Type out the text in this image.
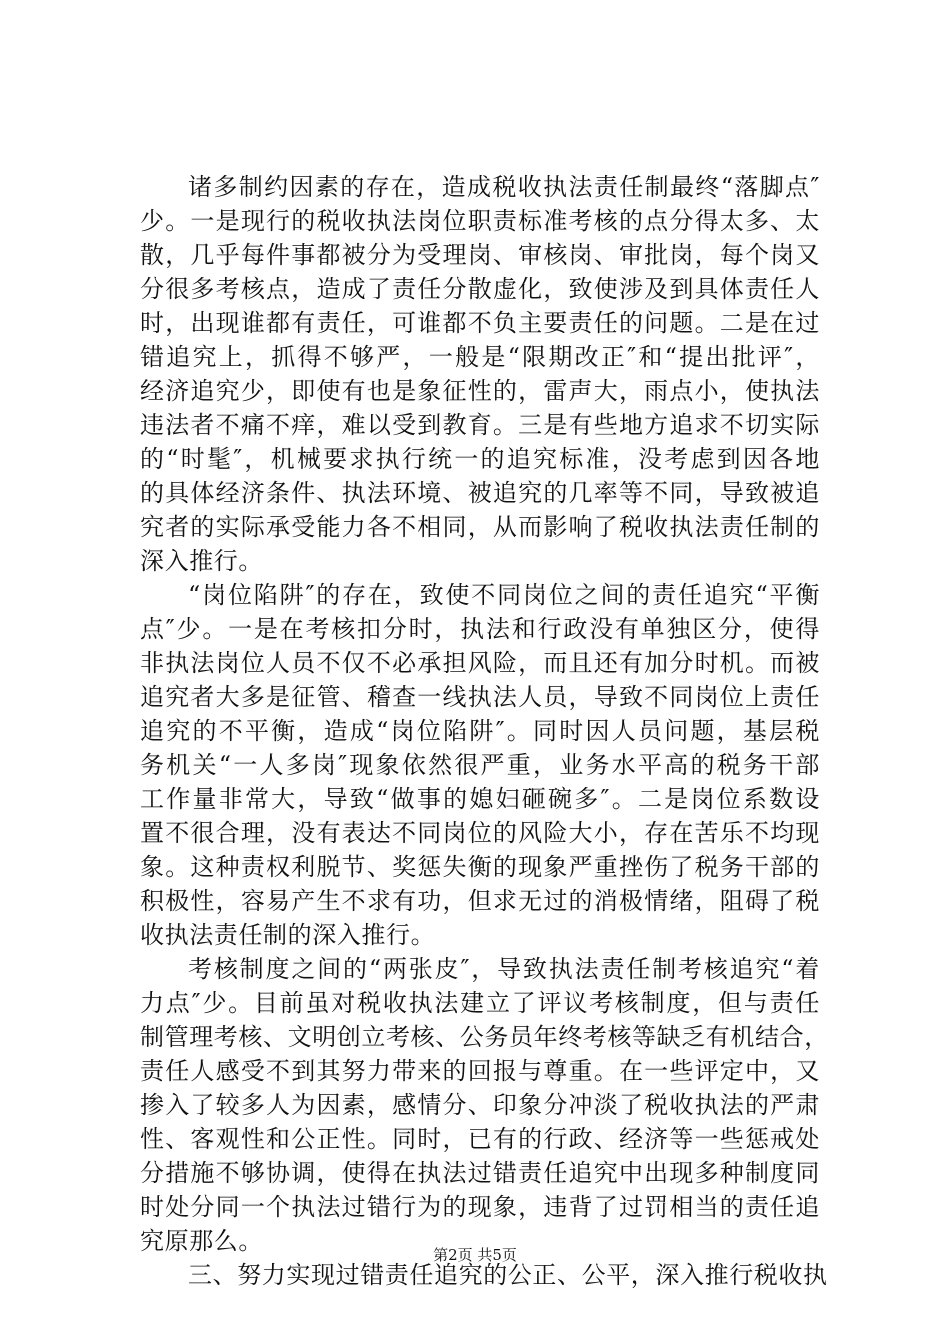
诸多制约因素的存在，造成税收执法责任制最终“落脚点″
少。一是现行的税收执法岗位职责标准考核的点分得太多、太
散，几乎每件事都被分为受理岗、审核岗、审批岗，每个岗又
分很多考核点，造成了责任分散虚化，致使涉及到具体责任人
时，出现谁都有责任，可谁都不负主要责任的问题。二是在过
错追究上，抓得不够严，一般是“限期改正″和“提出批评″，
经济追究少，即使有也是象征性的，雷声大，雨点小，使执法
违法者不痛不痒，难以受到教育。三是有些地方追求不切实际
的“时髦″，机械要求执行统一的追究标准，没考虑到因各地
的具体经济条件、执法环境、被追究的几率等不同，导致被追
究者的实际承受能力各不相同，从而影响了税收执法责任制的
深入推行。
“岗位陷阱″的存在，致使不同岗位之间的责任追究“平衡
点″少。一是在考核扣分时，执法和行政没有单独区分，使得
非执法岗位人员不仅不必承担风险，而且还有加分时机。而被
追究者大多是征管、稽查一线执法人员，导致不同岗位上责任
追究的不平衡，造成“岗位陷阱″。同时因人员问题，基层税
务机关“一人多岗″现象依然很严重，业务水平高的税务干部
工作量非常大，导致“做事的媳妇砸碗多″。二是岗位系数设
置不很合理，没有表达不同岗位的风险大小，存在苦乐不均现
象。这种责权利脱节、奖惩失衡的现象严重挫伤了税务干部的
积极性，容易产生不求有功，但求无过的消极情绪，阻碍了税
收执法责任制的深入推行。
考核制度之间的“两张皮″，导致执法责任制考核追究“着
力点″少。目前虽对税收执法建立了评议考核制度，但与责任
制管理考核、文明创立考核、公务员年终考核等缺乏有机结合，
责任人感受不到其努力带来的回报与尊重。在一些评定中，又
掺入了较多人为因素，感情分、印象分冲淡了税收执法的严肃
性、客观性和公正性。同时，已有的行政、经济等一些惩戒处
分措施不够协调，使得在执法过错责任追究中出现多种制度同
时处分同一个执法过错行为的现象，违背了过罚相当的责任追
究原那么。
三、努力实现过错责任追究的公正、公平，深入推行税收执
第2页 共5页
